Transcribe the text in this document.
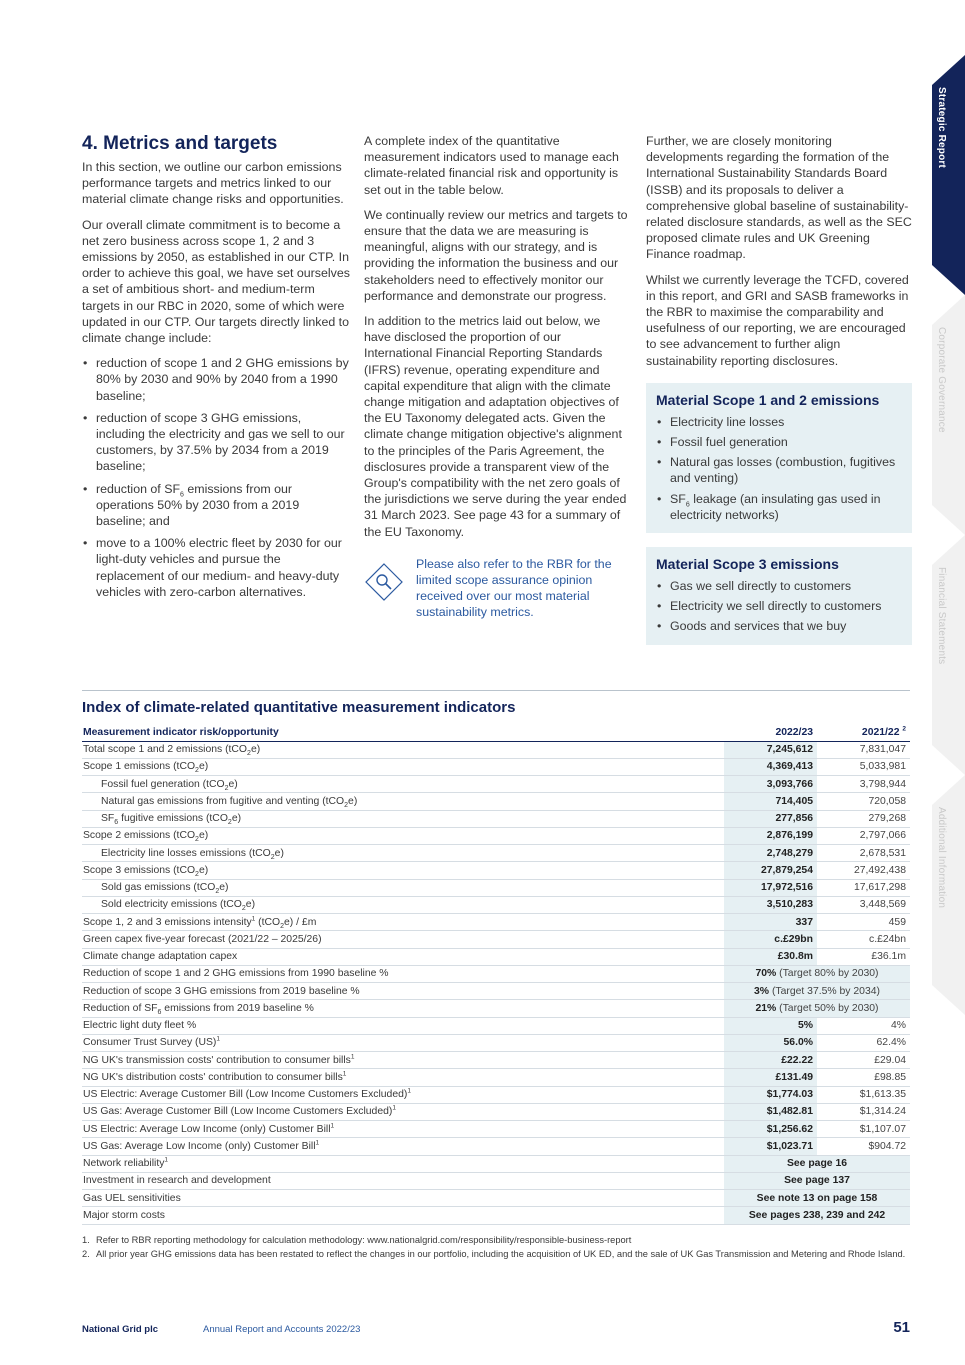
Strategic Report
Corporate Governance
Financial Statements
Additional Information
4. Metrics and targets

In this section, we outline our carbon emissions performance targets and metrics linked to our material climate change risks and opportunities.

Our overall climate commitment is to become a net zero business across scope 1, 2 and 3 emissions by 2050, as established in our CTP. In order to achieve this goal, we have set ourselves a set of ambitious short- and medium-term targets in our RBC in 2020, some of which were updated in our CTP. Our targets directly linked to climate change include:

• reduction of scope 1 and 2 GHG emissions by 80% by 2030 and 90% by 2040 from a 1990 baseline;
• reduction of scope 3 GHG emissions, including the electricity and gas we sell to our customers, by 37.5% by 2034 from a 2019 baseline;
• reduction of $SF_6$ emissions from our operations 50% by 2030 from a 2019 baseline; and
• move to a 100% electric fleet by 2030 for our light-duty vehicles and pursue the replacement of our medium- and heavy-duty vehicles with zero-carbon alternatives.

A complete index of the quantitative measurement indicators used to manage each climate-related financial risk and opportunity is set out in the table below.

We continually review our metrics and targets to ensure that the data we are measuring is meaningful, aligns with our strategy, and is providing the information the business and our stakeholders need to effectively monitor our performance and demonstrate our progress.

In addition to the metrics laid out below, we have disclosed the proportion of our International Financial Reporting Standards (IFRS) revenue, operating expenditure and capital expenditure that align with the climate change mitigation and adaptation objectives of the EU Taxonomy delegated acts. Given the climate change mitigation objective's alignment to the principles of the Paris Agreement, the disclosures provide a transparent view of the Group's compatibility with the net zero goals of the jurisdictions we serve during the year ended 31 March 2023. See page 43 for a summary of the EU Taxonomy.

Please also refer to the RBR for the limited scope assurance opinion received over our most material sustainability metrics.

Further, we are closely monitoring developments regarding the formation of the International Sustainability Standards Board (ISSB) and its proposals to deliver a comprehensive global baseline of sustainability-related disclosure standards, as well as the SEC proposed climate rules and UK Greening Finance roadmap.

Whilst we currently leverage the TCFD, covered in this report, and GRI and SASB frameworks in the RBR to maximise the comparability and usefulness of our reporting, we are encouraged to see advancement to further align sustainability reporting disclosures.

Material Scope 1 and 2 emissions
• Electricity line losses
• Fossil fuel generation
• Natural gas losses (combustion, fugitives and venting)
• $SF_6$ leakage (an insulating gas used in electricity networks)
Material Scope 3 emissions
• Gas we sell directly to customers
• Electricity we sell directly to customers
• Goods and services that we buy
Index of climate-related quantitative measurement indicators
Measurement indicator risk/opportunity	2022/23	2021/22 $^2$
Total scope 1 and 2 emissions (tCO$_2$e)	7,245,612	7,831,047
Scope 1 emissions (tCO$_2$e)	4,369,413	5,033,981
Fossil fuel generation (tCO$_2$e)	3,093,766	3,798,944
Natural gas emissions from fugitive and venting (tCO$_2$e)	714,405	720,058
$SF_6$ fugitive emissions (tCO$_2$e)	277,856	279,268
Scope 2 emissions (tCO$_2$e)	2,876,199	2,797,066
Electricity line losses emissions (tCO$_2$e)	2,748,279	2,678,531
Scope 3 emissions (tCO$_2$e)	27,879,254	27,492,438
Sold gas emissions (tCO$_2$e)	17,972,516	17,617,298
Sold electricity emissions (tCO$_2$e)	3,510,283	3,448,569
Scope 1, 2 and 3 emissions intensity$^1$ (tCO$_2$e) / £m	337	459
Green capex five-year forecast (2021/22 – 2025/26)	c.£29bn	c.£24bn
Climate change adaptation capex	£30.8m	£36.1m
Reduction of scope 1 and 2 GHG emissions from 1990 baseline %	70% (Target 80% by 2030)	
Reduction of scope 3 GHG emissions from 2019 baseline %	3% (Target 37.5% by 2034)	
Reduction of $SF_6$ emissions from 2019 baseline %	21% (Target 50% by 2030)	
Electric light duty fleet %	5%	4%
Consumer Trust Survey (US)$^1$	56.0%	62.4%
NG UK's transmission costs' contribution to consumer bills$^1$	£22.22	£29.04
NG UK's distribution costs' contribution to consumer bills$^1$	£131.49	£98.85
US Electric: Average Customer Bill (Low Income Customers Excluded)$^1$	$1,774.03	$1,613.35
US Gas: Average Customer Bill (Low Income Customers Excluded)$^1$	$1,482.81	$1,314.24
US Electric: Average Low Income (only) Customer Bill$^1$	$1,256.62	$1,107.07
US Gas: Average Low Income (only) Customer Bill$^1$	$1,023.71	$904.72
Network reliability$^1$	See page 16	
Investment in research and development	See page 137	
Gas UEL sensitivities	See note 13 on page 158	
Major storm costs	See pages 238, 239 and 242	
1. Refer to RBR reporting methodology for calculation methodology: www.nationalgrid.com/responsibility/responsible-business-report
2. All prior year GHG emissions data has been restated to reflect the changes in our portfolio, including the acquisition of UK ED, and the sale of UK Gas Transmission and Metering and Rhode Island.
National Grid plc	Annual Report and Accounts 2022/23	51
